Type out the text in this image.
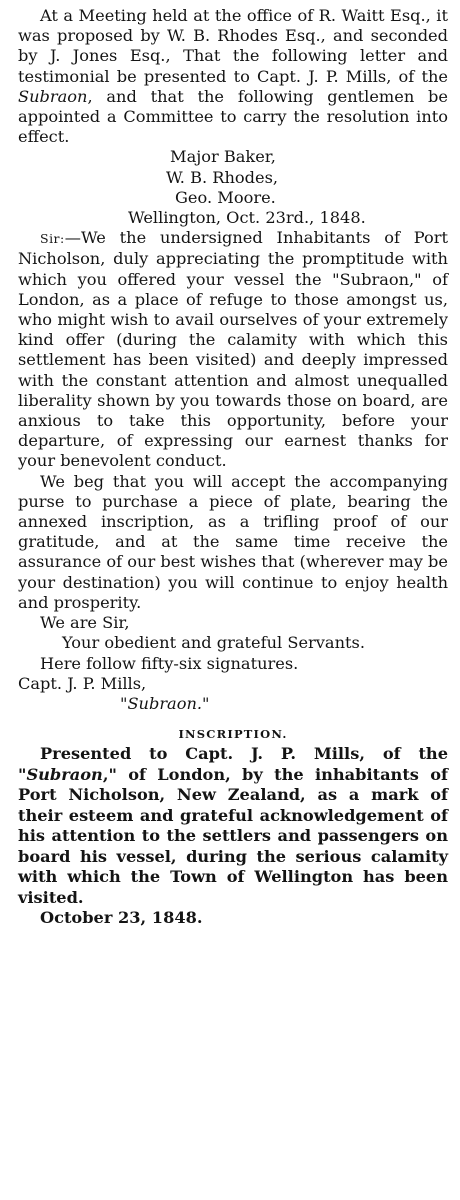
At a Meeting held at the office of R. Waitt Esq., it was proposed by W. B. Rhodes Esq., and seconded by J. Jones Esq., That the following letter and testimonial be presented to Capt. J. P. Mills, of the Subraon, and that the following gentlemen be appointed a Committee to carry the resolution into effect.

Major Baker,

W. B. Rhodes,

Geo. Moore.

Wellington, Oct. 23rd., 1848.

Sir:—We the undersigned Inhabitants of Port Nicholson, duly appreciating the promptitude with which you offered your vessel the "Subraon," of London, as a place of refuge to those amongst us, who might wish to avail ourselves of your extremely kind offer (during the calamity with which this settlement has been visited) and deeply impressed with the constant attention and almost unequalled liberality shown by you towards those on board, are anxious to take this opportunity, before your departure, of expressing our earnest thanks for your benevolent conduct.

We beg that you will accept the accompanying purse to purchase a piece of plate, bearing the annexed inscription, as a trifling proof of our gratitude, and at the same time receive the assurance of our best wishes that (wherever may be your destination) you will continue to enjoy health and prosperity.

We are Sir,

Your obedient and grateful Servants.

Here follow fifty-six signatures.

Capt. J. P. Mills,

"Subraon."

INSCRIPTION.

Presented to Capt. J. P. Mills, of the "Subraon," of London, by the inhabitants of Port Nicholson, New Zealand, as a mark of their esteem and grateful acknowledgement of his attention to the settlers and passengers on board his vessel, during the serious calamity with which the Town of Wellington has been visited.

October 23, 1848.
